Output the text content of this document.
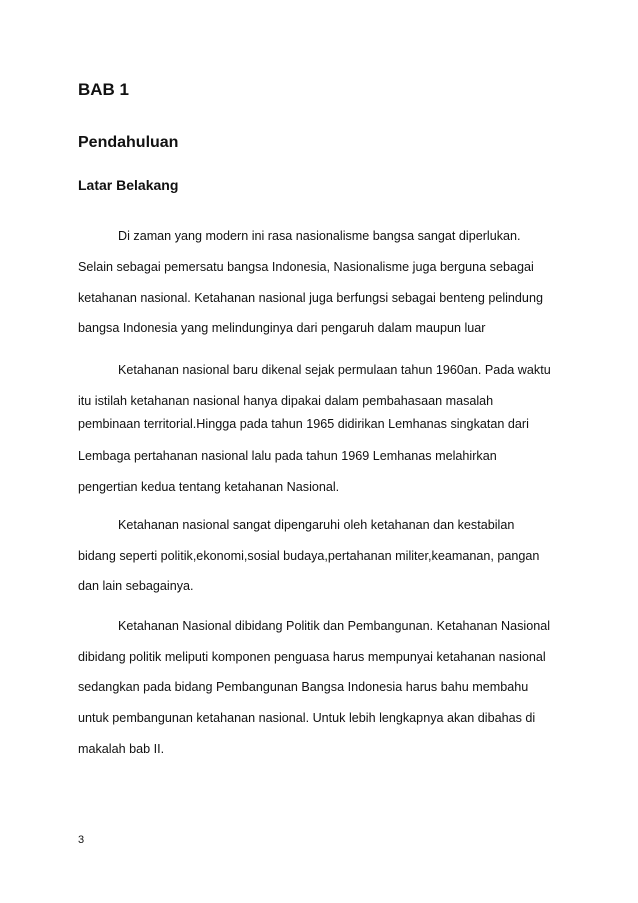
BAB 1
Pendahuluan
Latar Belakang

Di zaman yang modern ini rasa nasionalisme bangsa sangat diperlukan.

Selain sebagai pemersatu bangsa Indonesia, Nasionalisme juga berguna sebagai

ketahanan nasional. Ketahanan nasional juga berfungsi sebagai benteng pelindung

bangsa Indonesia yang melindunginya dari pengaruh dalam maupun luar

Ketahanan nasional baru dikenal sejak permulaan tahun 1960an. Pada waktu

itu istilah ketahanan nasional hanya dipakai dalam pembahasaan masalah

pembinaan territorial.Hingga pada tahun 1965 didirikan Lemhanas singkatan dari

Lembaga pertahanan nasional lalu pada tahun 1969 Lemhanas melahirkan

pengertian kedua tentang ketahanan Nasional.

Ketahanan nasional sangat dipengaruhi oleh ketahanan dan kestabilan

bidang seperti politik,ekonomi,sosial budaya,pertahanan militer,keamanan, pangan

dan lain sebagainya.

Ketahanan Nasional dibidang Politik dan Pembangunan. Ketahanan Nasional

dibidang politik meliputi komponen penguasa harus mempunyai ketahanan nasional

sedangkan pada bidang Pembangunan Bangsa Indonesia harus bahu membahu

untuk pembangunan ketahanan nasional. Untuk lebih lengkapnya akan dibahas di

makalah bab II.

3
